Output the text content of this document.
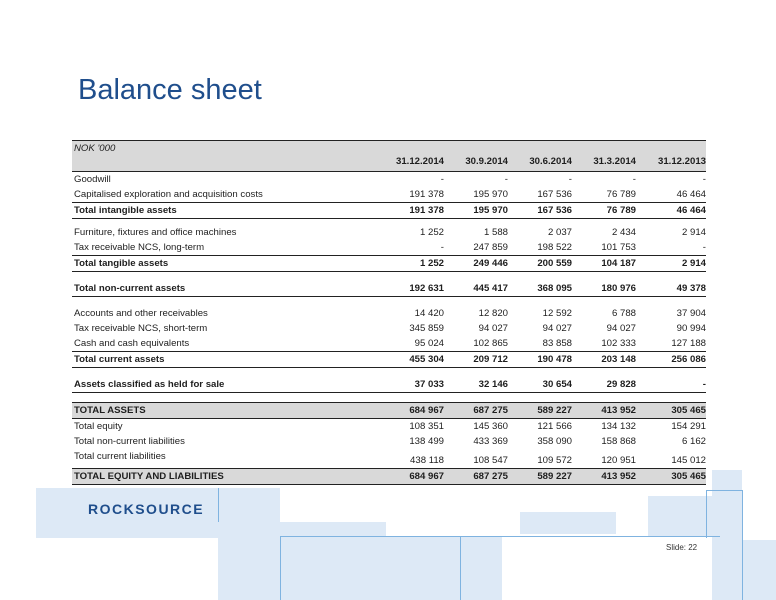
Balance sheet
NOK '000
31.12.2014	30.9.2014	30.6.2014	31.3.2014	31.12.2013
Goodwill	-	-	-	-	-
Capitalised exploration and acquisition costs	191 378	195 970	167 536	76 789	46 464
Total intangible assets	191 378	195 970	167 536	76 789	46 464
Furniture, fixtures and office machines	1 252	1 588	2 037	2 434	2 914
Tax receivable NCS, long-term	-	247 859	198 522	101 753	-
Total tangible assets	1 252	249 446	200 559	104 187	2 914
Total non-current assets	192 631	445 417	368 095	180 976	49 378
Accounts and other receivables	14 420	12 820	12 592	6 788	37 904
Tax receivable NCS, short-term	345 859	94 027	94 027	94 027	90 994
Cash and cash equivalents	95 024	102 865	83 858	102 333	127 188
Total current assets	455 304	209 712	190 478	203 148	256 086
Assets classified as held for sale	37 033	32 146	30 654	29 828	-
TOTAL ASSETS	684 967	687 275	589 227	413 952	305 465
Total equity	108 351	145 360	121 566	134 132	154 291
Total non-current liabilities	138 499	433 369	358 090	158 868	6 162
Total current liabilities	438 118	108 547	109 572	120 951	145 012
TOTAL EQUITY AND LIABILITIES	684 967	687 275	589 227	413 952	305 465
ROCKSOURCE
Slide: 22
